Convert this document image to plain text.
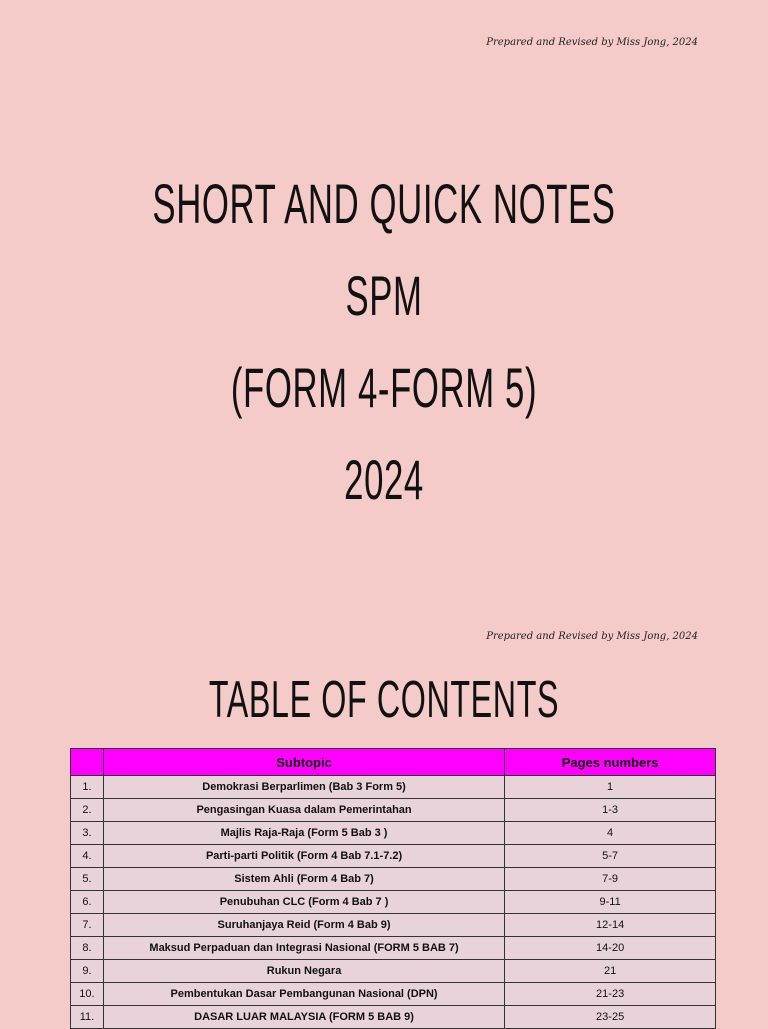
Prepared and Revised by Miss Jong, 2024
SHORT AND QUICK NOTES
SPM
(FORM 4-FORM 5)
2024
Prepared and Revised by Miss Jong, 2024
TABLE OF CONTENTS
	Subtopic	Pages numbers
1.	Demokrasi Berparlimen (Bab 3 Form 5)	1
2.	Pengasingan Kuasa dalam Pemerintahan	1-3
3.	Majlis Raja-Raja (Form 5 Bab 3 )	4
4.	Parti-parti Politik (Form 4 Bab 7.1-7.2)	5-7
5.	Sistem Ahli (Form 4 Bab 7)	7-9
6.	Penubuhan CLC (Form 4 Bab 7 )	9-11
7.	Suruhanjaya Reid (Form 4 Bab 9)	12-14
8.	Maksud Perpaduan dan Integrasi Nasional (FORM 5 BAB 7)	14-20
9.	Rukun Negara	21
10.	Pembentukan Dasar Pembangunan Nasional (DPN)	21-23
11.	DASAR LUAR MALAYSIA (FORM 5 BAB 9)	23-25
